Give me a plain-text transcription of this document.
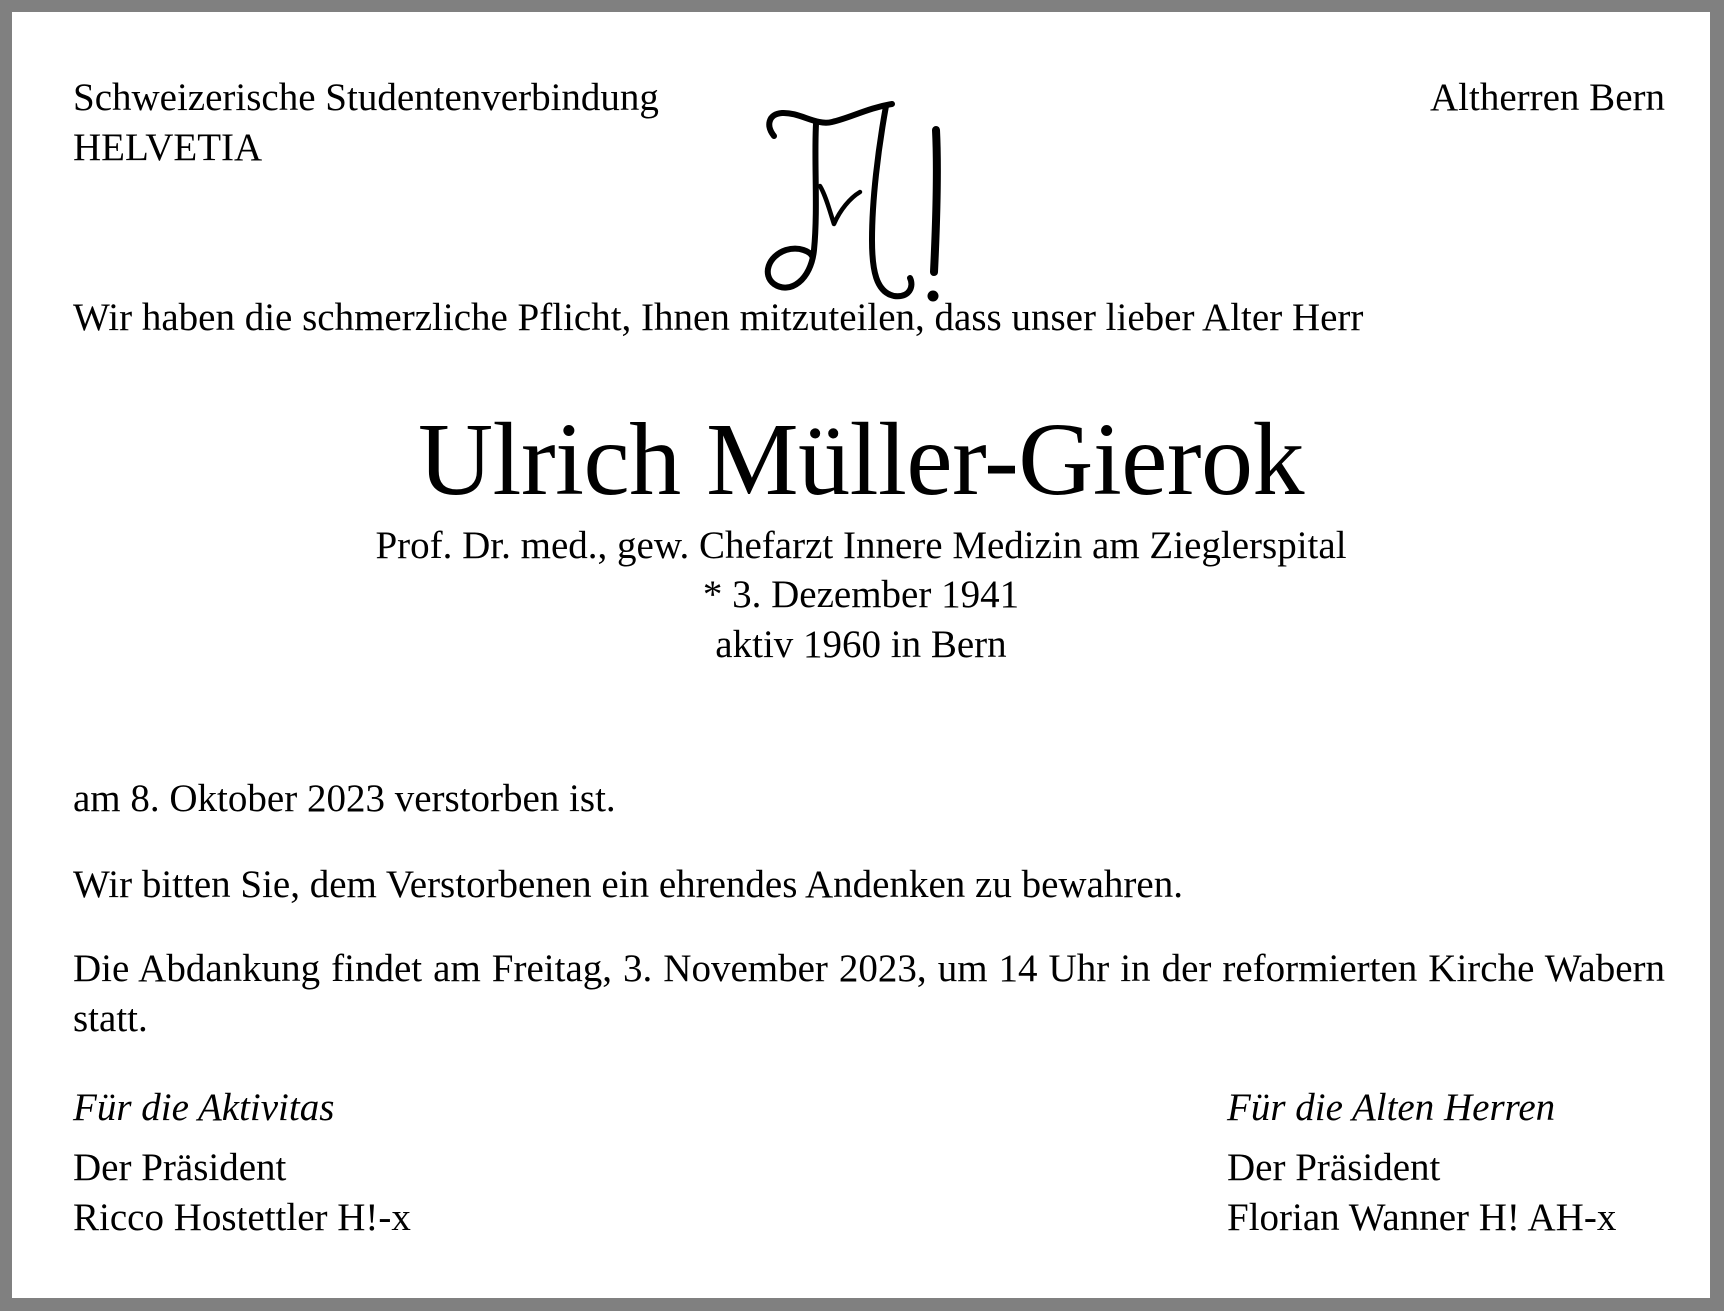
Schweizerische Studentenverbindung
HELVETIA
Altherren Bern
Wir haben die schmerzliche Pflicht, Ihnen mitzuteilen, dass unser lieber Alter Herr
Ulrich Müller-Gierok
Prof. Dr. med., gew. Chefarzt Innere Medizin am Zieglerspital
* 3. Dezember 1941
aktiv 1960 in Bern
am 8. Oktober 2023 verstorben ist.
Wir bitten Sie, dem Verstorbenen ein ehrendes Andenken zu bewahren.
Die Abdankung findet am Freitag, 3. November 2023, um 14 Uhr in der reformierten Kirche Wabern statt.
Für die Aktivitas
Der Präsident
Ricco Hostettler H!-x
Für die Alten Herren
Der Präsident
Florian Wanner H! AH-x
